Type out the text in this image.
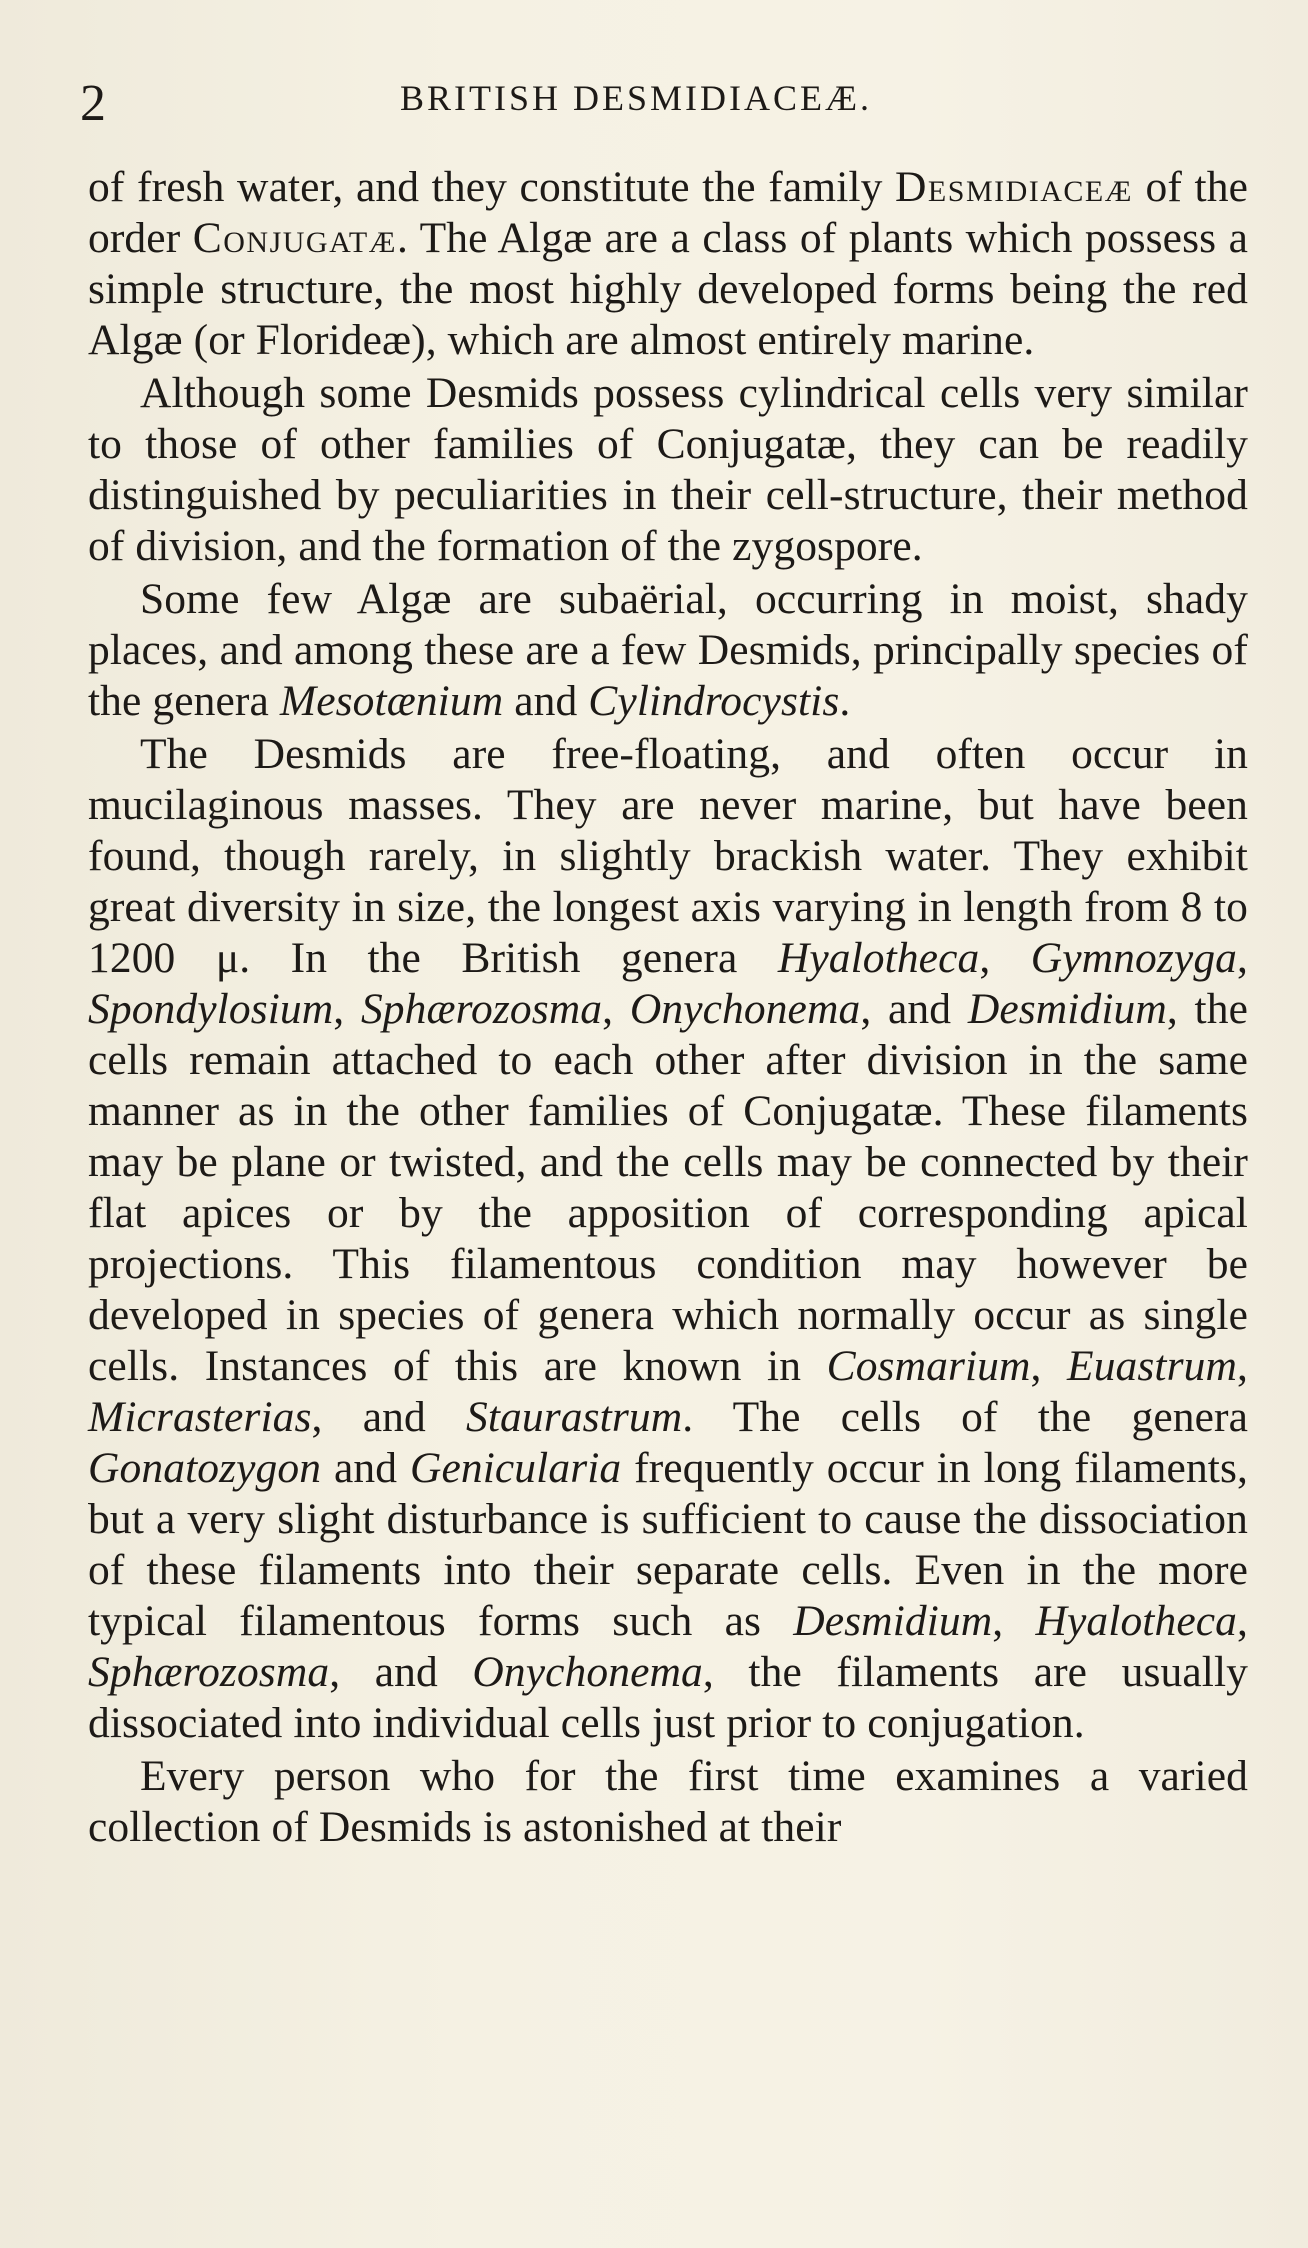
2	BRITISH DESMIDIACEÆ.

of fresh water, and they constitute the family Desmidiaceæ of the order Conjugatæ. The Algæ are a class of plants which possess a simple structure, the most highly developed forms being the red Algæ (or Florideæ), which are almost entirely marine.

Although some Desmids possess cylindrical cells very similar to those of other families of Conjugatæ, they can be readily distinguished by peculiarities in their cell-structure, their method of division, and the formation of the zygospore.

Some few Algæ are subaërial, occurring in moist, shady places, and among these are a few Desmids, principally species of the genera Mesotænium and Cylindrocystis.

The Desmids are free-floating, and often occur in mucilaginous masses. They are never marine, but have been found, though rarely, in slightly brackish water. They exhibit great diversity in size, the longest axis varying in length from 8 to 1200 μ. In the British genera Hyalotheca, Gymnozyga, Spondylosium, Sphærozosma, Onychonema, and Desmidium, the cells remain attached to each other after division in the same manner as in the other families of Conjugatæ. These filaments may be plane or twisted, and the cells may be connected by their flat apices or by the apposition of corresponding apical projections. This filamentous condition may however be developed in species of genera which normally occur as single cells. Instances of this are known in Cosmarium, Euastrum, Micrasterias, and Staurastrum. The cells of the genera Gonatozygon and Genicularia frequently occur in long filaments, but a very slight disturbance is sufficient to cause the dissociation of these filaments into their separate cells. Even in the more typical filamentous forms such as Desmidium, Hyalotheca, Sphærozosma, and Onychonema, the filaments are usually dissociated into individual cells just prior to conjugation.

Every person who for the first time examines a varied collection of Desmids is astonished at their
